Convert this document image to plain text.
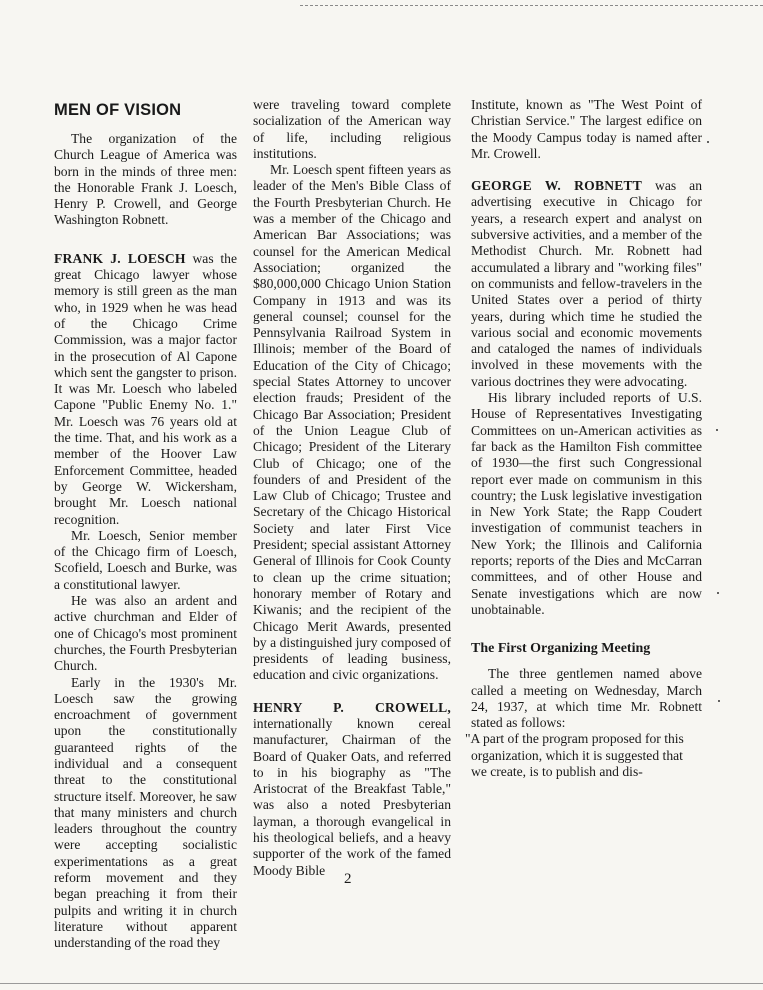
MEN OF VISION

The organization of the Church League of America was born in the minds of three men: the Honorable Frank J. Loesch, Henry P. Crowell, and George Washington Robnett.

FRANK J. LOESCH was the great Chicago lawyer whose memory is still green as the man who, in 1929 when he was head of the Chicago Crime Commission, was a major factor in the prosecution of Al Capone which sent the gangster to prison. It was Mr. Loesch who labeled Capone "Public Enemy No. 1." Mr. Loesch was 76 years old at the time. That, and his work as a member of the Hoover Law Enforcement Committee, headed by George W. Wickersham, brought Mr. Loesch national recognition.

Mr. Loesch, Senior member of the Chicago firm of Loesch, Scofield, Loesch and Burke, was a constitutional lawyer.

He was also an ardent and active churchman and Elder of one of Chicago's most prominent churches, the Fourth Presbyterian Church.

Early in the 1930's Mr. Loesch saw the growing encroachment of government upon the constitutionally guaranteed rights of the individual and a consequent threat to the constitutional structure itself. Moreover, he saw that many ministers and church leaders throughout the country were accepting socialistic experimentations as a great reform movement and they began preaching it from their pulpits and writing it in church literature without apparent understanding of the road they

were traveling toward complete socialization of the American way of life, including religious institutions.

Mr. Loesch spent fifteen years as leader of the Men's Bible Class of the Fourth Presbyterian Church. He was a member of the Chicago and American Bar Associations; was counsel for the American Medical Association; organized the $80,000,000 Chicago Union Station Company in 1913 and was its general counsel; counsel for the Pennsylvania Railroad System in Illinois; member of the Board of Education of the City of Chicago; special States Attorney to uncover election frauds; President of the Chicago Bar Association; President of the Union League Club of Chicago; President of the Literary Club of Chicago; one of the founders of and President of the Law Club of Chicago; Trustee and Secretary of the Chicago Historical Society and later First Vice President; special assistant Attorney General of Illinois for Cook County to clean up the crime situation; honorary member of Rotary and Kiwanis; and the recipient of the Chicago Merit Awards, presented by a distinguished jury composed of presidents of leading business, education and civic organizations.

HENRY P. CROWELL, internationally known cereal manufacturer, Chairman of the Board of Quaker Oats, and referred to in his biography as "The Aristocrat of the Breakfast Table," was also a noted Presbyterian layman, a thorough evangelical in his theological beliefs, and a heavy supporter of the work of the famed Moody Bible

Institute, known as "The West Point of Christian Service." The largest edifice on the Moody Campus today is named after Mr. Crowell.

GEORGE W. ROBNETT was an advertising executive in Chicago for years, a research expert and analyst on subversive activities, and a member of the Methodist Church. Mr. Robnett had accumulated a library and "working files" on communists and fellow-travelers in the United States over a period of thirty years, during which time he studied the various social and economic movements and cataloged the names of individuals involved in these movements with the various doctrines they were advocating.

His library included reports of U.S. House of Representatives Investigating Committees on un-American activities as far back as the Hamilton Fish committee of 1930—the first such Congressional report ever made on communism in this country; the Lusk legislative investigation in New York State; the Rapp Coudert investigation of communist teachers in New York; the Illinois and California reports; reports of the Dies and McCarran committees, and of other House and Senate investigations which are now unobtainable.

The First Organizing Meeting

The three gentlemen named above called a meeting on Wednesday, March 24, 1937, at which time Mr. Robnett stated as follows:

"A part of the program proposed for this organization, which it is suggested that we create, is to publish and dis-

2
